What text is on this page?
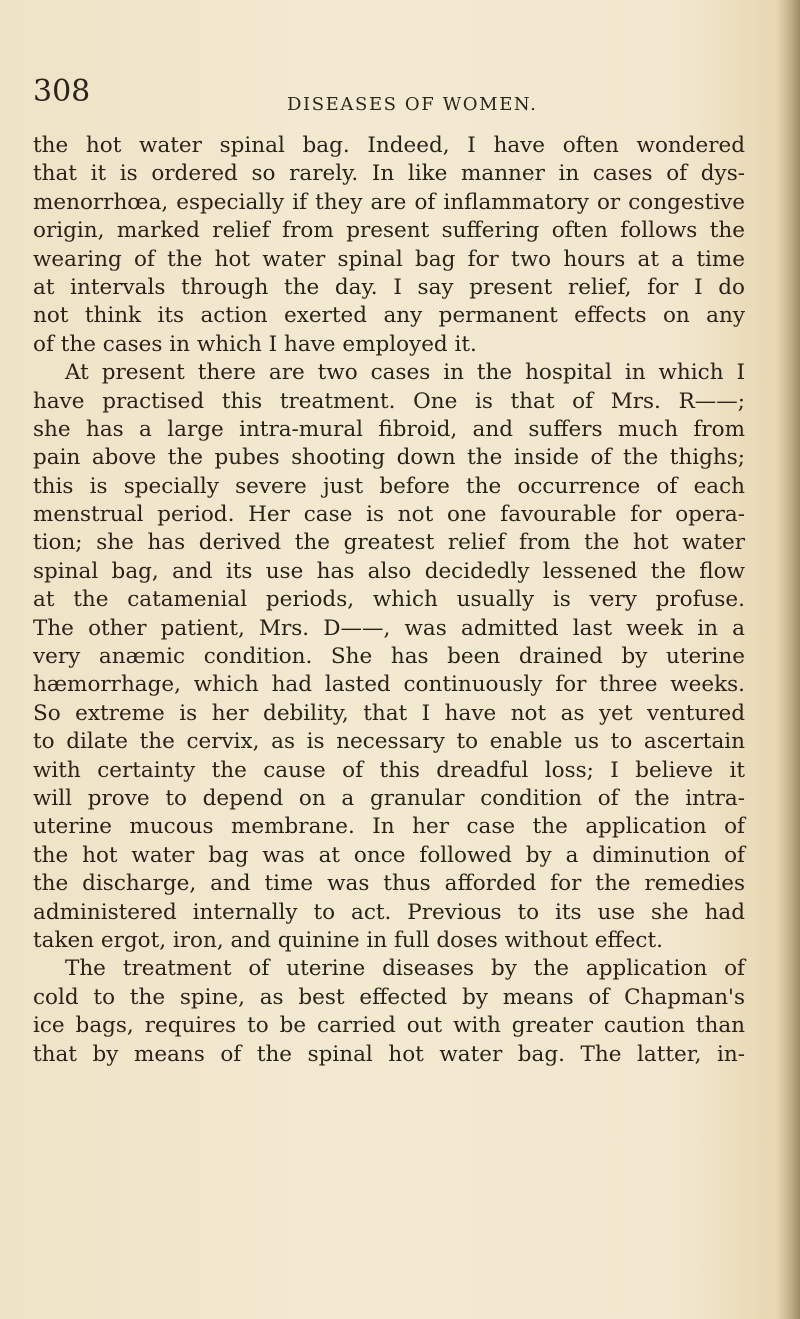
308	DISEASES OF WOMEN.
the hot water spinal bag. Indeed, I have often wondered
that it is ordered so rarely. In like manner in cases of dys-
menorrhœa, especially if they are of inflammatory or congestive
origin, marked relief from present suffering often follows the
wearing of the hot water spinal bag for two hours at a time
at intervals through the day. I say present relief, for I do
not think its action exerted any permanent effects on any
of the cases in which I have employed it.
At present there are two cases in the hospital in which I
have practised this treatment. One is that of Mrs. R——;
she has a large intra-mural fibroid, and suffers much from
pain above the pubes shooting down the inside of the thighs;
this is specially severe just before the occurrence of each
menstrual period. Her case is not one favourable for opera-
tion; she has derived the greatest relief from the hot water
spinal bag, and its use has also decidedly lessened the flow
at the catamenial periods, which usually is very profuse.
The other patient, Mrs. D——, was admitted last week in a
very anæmic condition. She has been drained by uterine
hæmorrhage, which had lasted continuously for three weeks.
So extreme is her debility, that I have not as yet ventured
to dilate the cervix, as is necessary to enable us to ascertain
with certainty the cause of this dreadful loss; I believe it
will prove to depend on a granular condition of the intra-
uterine mucous membrane. In her case the application of
the hot water bag was at once followed by a diminution of
the discharge, and time was thus afforded for the remedies
administered internally to act. Previous to its use she had
taken ergot, iron, and quinine in full doses without effect.
The treatment of uterine diseases by the application of
cold to the spine, as best effected by means of Chapman's
ice bags, requires to be carried out with greater caution than
that by means of the spinal hot water bag. The latter, in-
